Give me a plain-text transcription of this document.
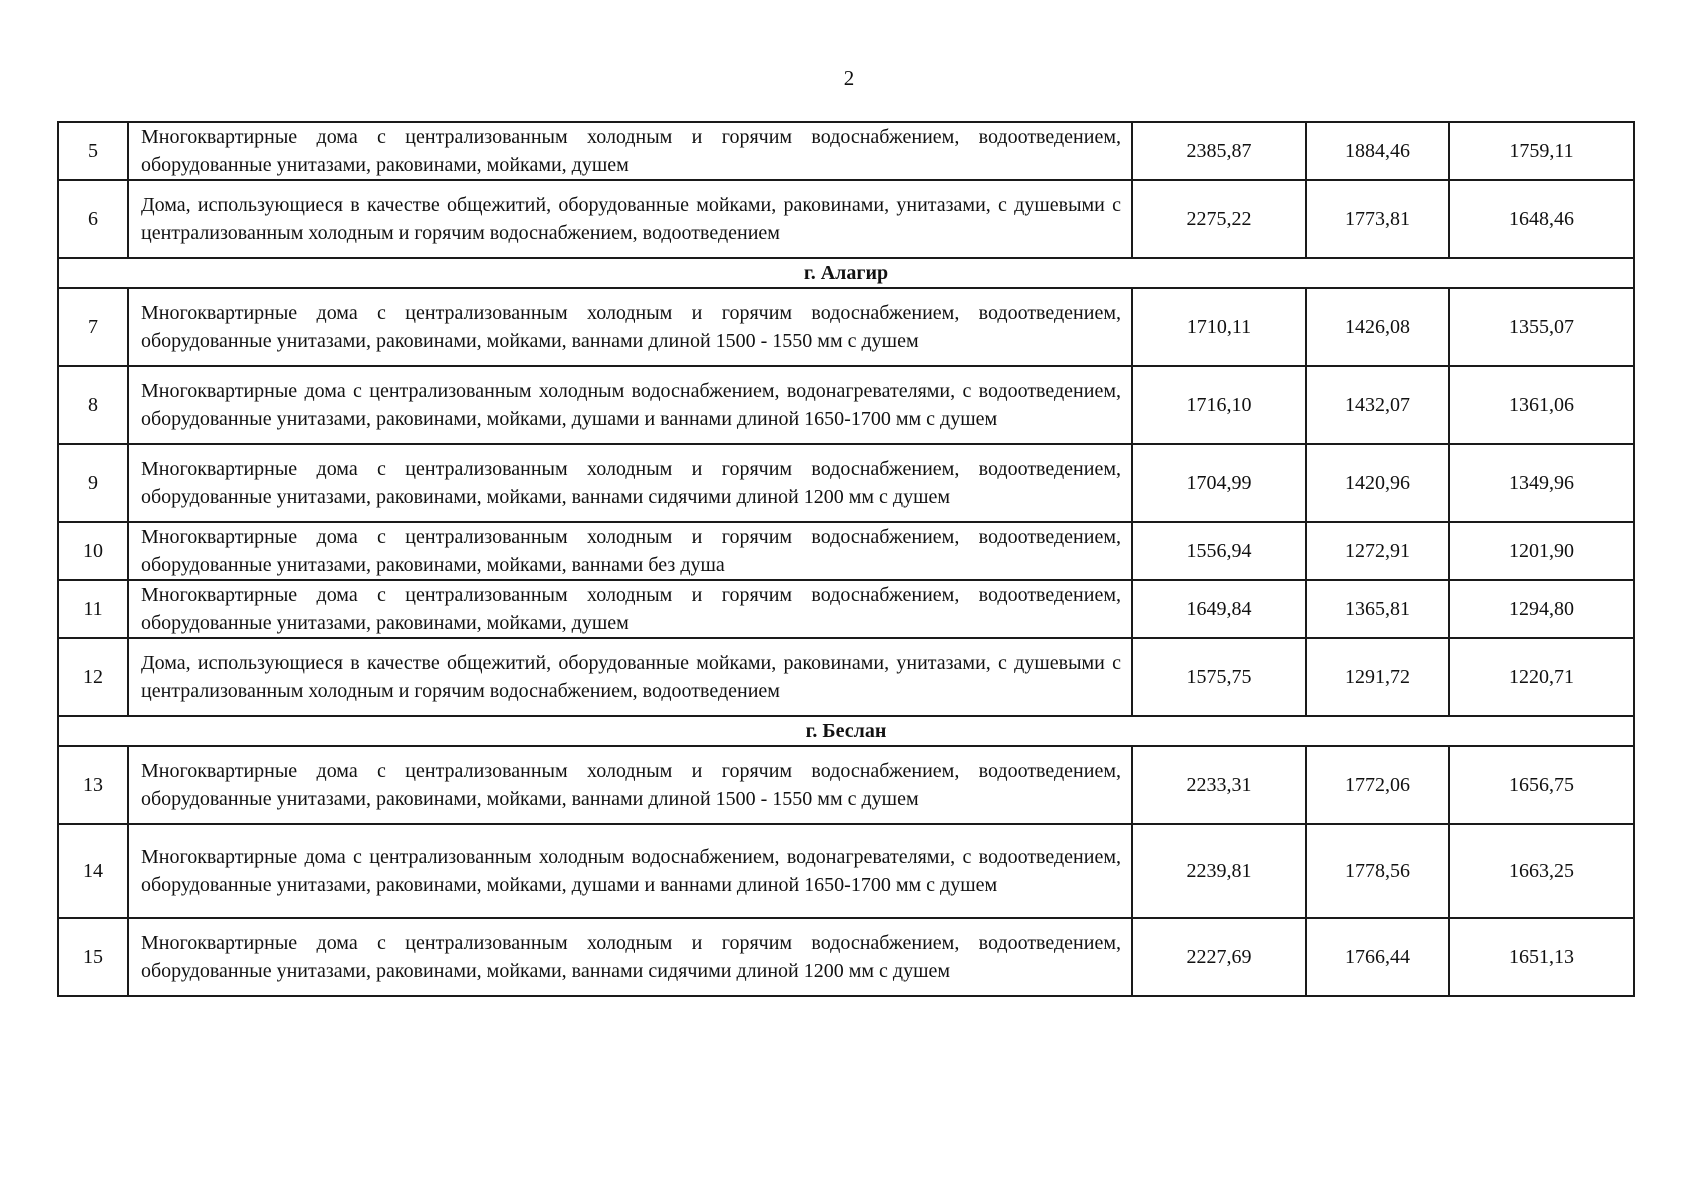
2
5	Многоквартирные дома с централизованным холодным и горячим водоснабжением, водоотведением, оборудованные унитазами, раковинами, мойками, душем	2385,87	1884,46	1759,11
6	Дома, использующиеся в качестве общежитий, оборудованные мойками, раковинами, унитазами, с душевыми с централизованным холодным и горячим водоснабжением, водоотведением	2275,22	1773,81	1648,46
г. Алагир				
7	Многоквартирные дома с централизованным холодным и горячим водоснабжением, водоотведением, оборудованные унитазами, раковинами, мойками, ваннами длиной 1500 - 1550 мм с душем	1710,11	1426,08	1355,07
8	Многоквартирные дома с централизованным холодным водоснабжением, водонагревателями, с водоотведением, оборудованные унитазами, раковинами, мойками, душами и ваннами длиной 1650-1700 мм с душем	1716,10	1432,07	1361,06
9	Многоквартирные дома с централизованным холодным и горячим водоснабжением, водоотведением, оборудованные унитазами, раковинами, мойками, ваннами сидячими длиной 1200 мм с душем	1704,99	1420,96	1349,96
10	Многоквартирные дома с централизованным холодным и горячим водоснабжением, водоотведением, оборудованные унитазами, раковинами, мойками, ваннами без душа	1556,94	1272,91	1201,90
11	Многоквартирные дома с централизованным холодным и горячим водоснабжением, водоотведением, оборудованные унитазами, раковинами, мойками, душем	1649,84	1365,81	1294,80
12	Дома, использующиеся в качестве общежитий, оборудованные мойками, раковинами, унитазами, с душевыми с централизованным холодным и горячим водоснабжением, водоотведением	1575,75	1291,72	1220,71
г. Беслан				
13	Многоквартирные дома с централизованным холодным и горячим водоснабжением, водоотведением, оборудованные унитазами, раковинами, мойками, ваннами длиной 1500 - 1550 мм с душем	2233,31	1772,06	1656,75
14	Многоквартирные дома с централизованным холодным водоснабжением, водонагревателями, с водоотведением, оборудованные унитазами, раковинами, мойками, душами и ваннами длиной 1650-1700 мм с душем	2239,81	1778,56	1663,25
15	Многоквартирные дома с централизованным холодным и горячим водоснабжением, водоотведением, оборудованные унитазами, раковинами, мойками, ваннами сидячими длиной 1200 мм с душем	2227,69	1766,44	1651,13
